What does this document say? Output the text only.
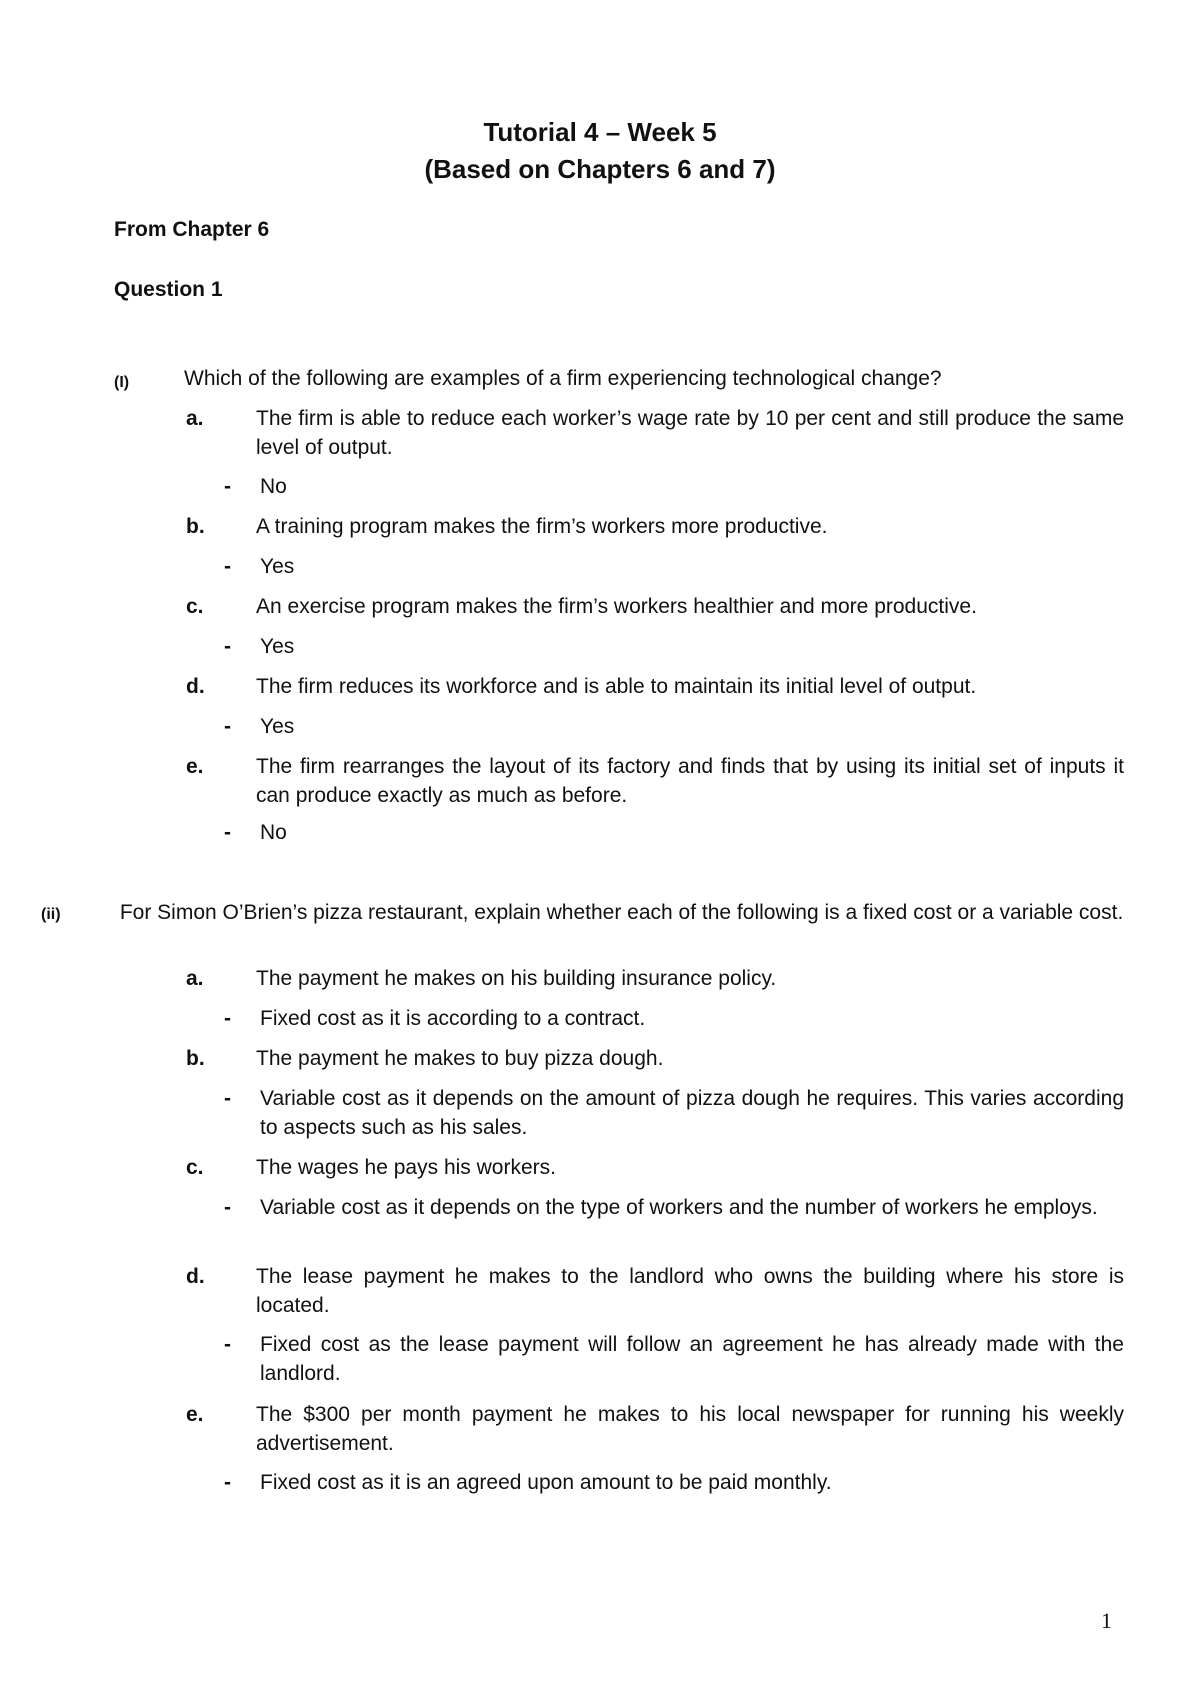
Tutorial 4 – Week 5
(Based on Chapters 6 and 7)
From Chapter 6
Question 1
(I)	Which of the following are examples of a firm experiencing technological change?
a.	The firm is able to reduce each worker’s wage rate by 10 per cent and still produce the same level of output.
- No
b.	A training program makes the firm’s workers more productive.
- Yes
c.	An exercise program makes the firm’s workers healthier and more productive.
- Yes
d.	The firm reduces its workforce and is able to maintain its initial level of output.
- Yes
e.	The firm rearranges the layout of its factory and finds that by using its initial set of inputs it can produce exactly as much as before.
- No
(ii)	For Simon O’Brien’s pizza restaurant, explain whether each of the following is a fixed cost or a variable cost.
a.	The payment he makes on his building insurance policy.
- Fixed cost as it is according to a contract.
b.	The payment he makes to buy pizza dough.
- Variable cost as it depends on the amount of pizza dough he requires. This varies according to aspects such as his sales.
c.	The wages he pays his workers.
- Variable cost as it depends on the type of workers and the number of workers he employs.
d.	The lease payment he makes to the landlord who owns the building where his store is located.
- Fixed cost as the lease payment will follow an agreement he has already made with the landlord.
e.	The $300 per month payment he makes to his local newspaper for running his weekly advertisement.
- Fixed cost as it is an agreed upon amount to be paid monthly.
1
